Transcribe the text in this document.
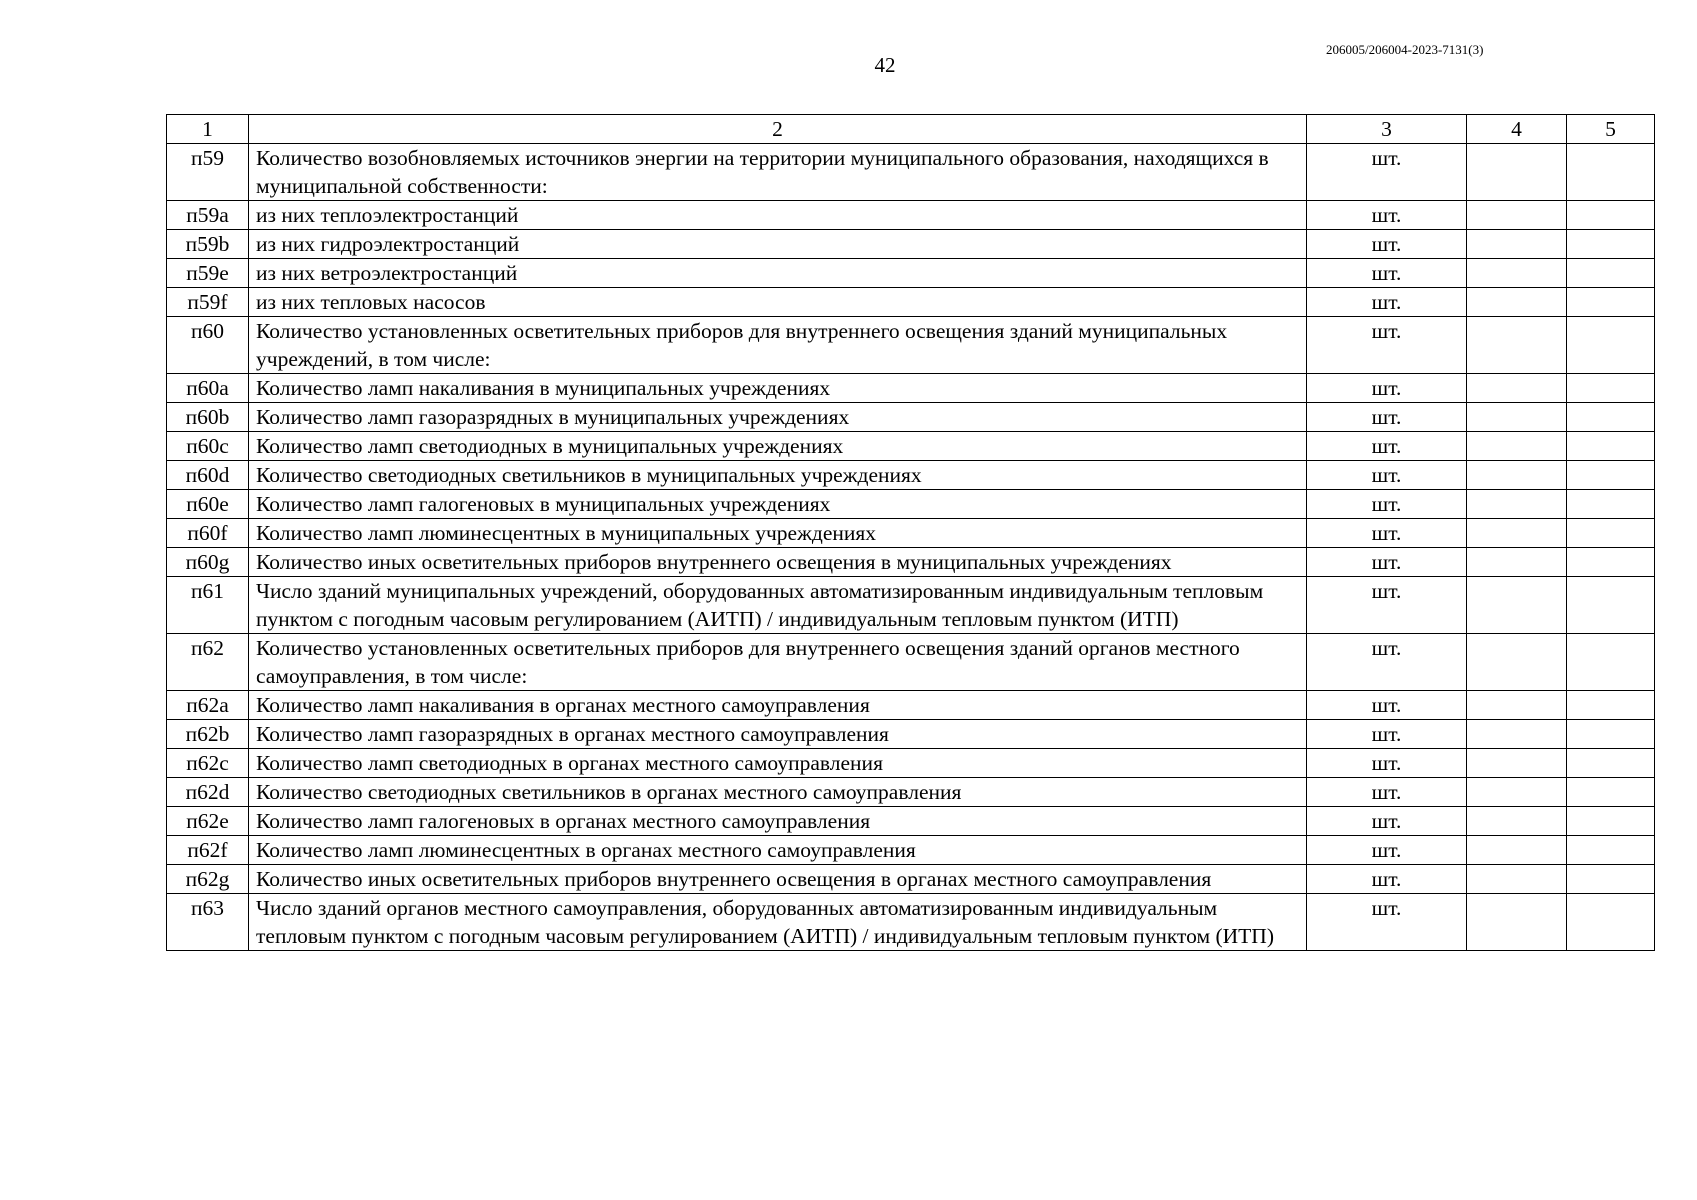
206005/206004-2023-7131(3)
42
1	2	3	4	5
п59	Количество возобновляемых источников энергии на территории муниципального образования, находящихся в муниципальной собственности:	шт.		
п59a	из них теплоэлектростанций	шт.		
п59b	из них гидроэлектростанций	шт.		
п59e	из них ветроэлектростанций	шт.		
п59f	из них тепловых насосов	шт.		
п60	Количество установленных осветительных приборов для внутреннего освещения зданий муниципальных учреждений, в том числе:	шт.		
п60a	Количество ламп накаливания в муниципальных учреждениях	шт.		
п60b	Количество ламп газоразрядных в муниципальных учреждениях	шт.		
п60c	Количество ламп светодиодных в муниципальных учреждениях	шт.		
п60d	Количество светодиодных светильников в муниципальных учреждениях	шт.		
п60e	Количество ламп галогеновых в муниципальных учреждениях	шт.		
п60f	Количество ламп люминесцентных в муниципальных учреждениях	шт.		
п60g	Количество иных осветительных приборов внутреннего освещения в муниципальных учреждениях	шт.		
п61	Число зданий муниципальных учреждений, оборудованных автоматизированным индивидуальным тепловым пунктом с погодным часовым регулированием (АИТП) / индивидуальным тепловым пунктом (ИТП)	шт.		
п62	Количество установленных осветительных приборов для внутреннего освещения зданий органов местного самоуправления, в том числе:	шт.		
п62a	Количество ламп накаливания в органах местного самоуправления	шт.		
п62b	Количество ламп газоразрядных в органах местного самоуправления	шт.		
п62c	Количество ламп светодиодных в органах местного самоуправления	шт.		
п62d	Количество светодиодных светильников в органах местного самоуправления	шт.		
п62e	Количество ламп галогеновых в органах местного самоуправления	шт.		
п62f	Количество ламп люминесцентных в органах местного самоуправления	шт.		
п62g	Количество иных осветительных приборов внутреннего освещения в органах местного самоуправления	шт.		
п63	Число зданий органов местного самоуправления, оборудованных автоматизированным индивидуальным тепловым пунктом с погодным часовым регулированием (АИТП) / индивидуальным тепловым пунктом (ИТП)	шт.		
